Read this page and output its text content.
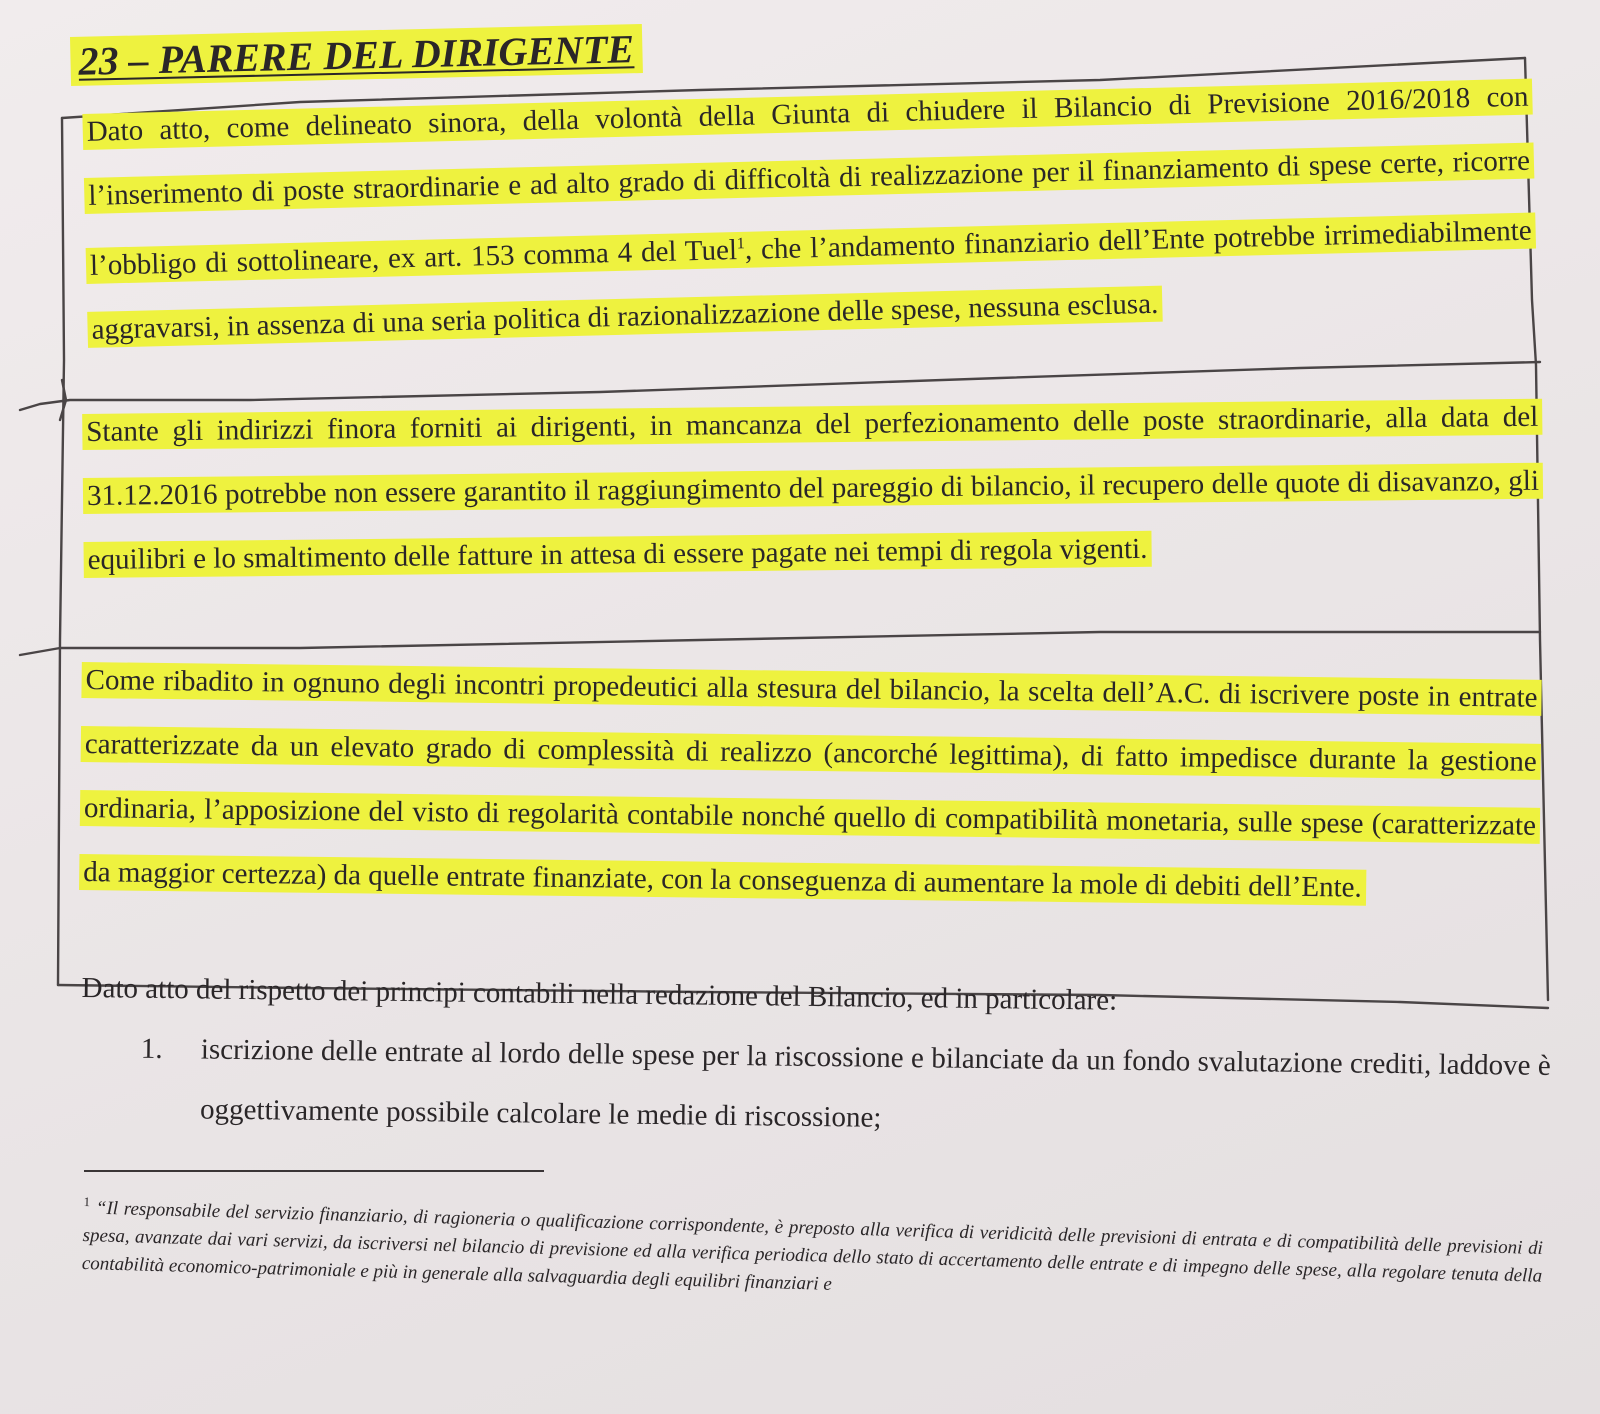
23 – PARERE DEL DIRIGENTE

Dato atto, come delineato sinora, della volontà della Giunta di chiudere il Bilancio di Previsione 2016/2018 con l’inserimento di poste straordinarie e ad alto grado di difficoltà di realizzazione per il finanziamento di spese certe, ricorre l’obbligo di sottolineare, ex art. 153 comma 4 del Tuel$^1$, che l’andamento finanziario dell’Ente potrebbe irrimediabilmente aggravarsi, in assenza di una seria politica di razionalizzazione delle spese, nessuna esclusa.

Stante gli indirizzi finora forniti ai dirigenti, in mancanza del perfezionamento delle poste straordinarie, alla data del 31.12.2016 potrebbe non essere garantito il raggiungimento del pareggio di bilancio, il recupero delle quote di disavanzo, gli equilibri e lo smaltimento delle fatture in attesa di essere pagate nei tempi di regola vigenti.

Come ribadito in ognuno degli incontri propedeutici alla stesura del bilancio, la scelta dell’A.C. di iscrivere poste in entrate caratterizzate da un elevato grado di complessità di realizzo (ancorché legittima), di fatto impedisce durante la gestione ordinaria, l’apposizione del visto di regolarità contabile nonché quello di compatibilità monetaria, sulle spese (caratterizzate da maggior certezza) da quelle entrate finanziate, con la conseguenza di aumentare la mole di debiti dell’Ente.

Dato atto del rispetto dei principi contabili nella redazione del Bilancio, ed in particolare:

1.	iscrizione delle entrate al lordo delle spese per la riscossione e bilanciate da un fondo svalutazione crediti, laddove è oggettivamente possibile calcolare le medie di riscossione;

$^1$ “Il responsabile del servizio finanziario, di ragioneria o qualificazione corrispondente, è preposto alla verifica di veridicità delle previsioni di entrata e di compatibilità delle previsioni di spesa, avanzate dai vari servizi, da iscriversi nel bilancio di previsione ed alla verifica periodica dello stato di accertamento delle entrate e di impegno delle spese, alla regolare tenuta della contabilità economico-patrimoniale e più in generale alla salvaguardia degli equilibri finanziari e
